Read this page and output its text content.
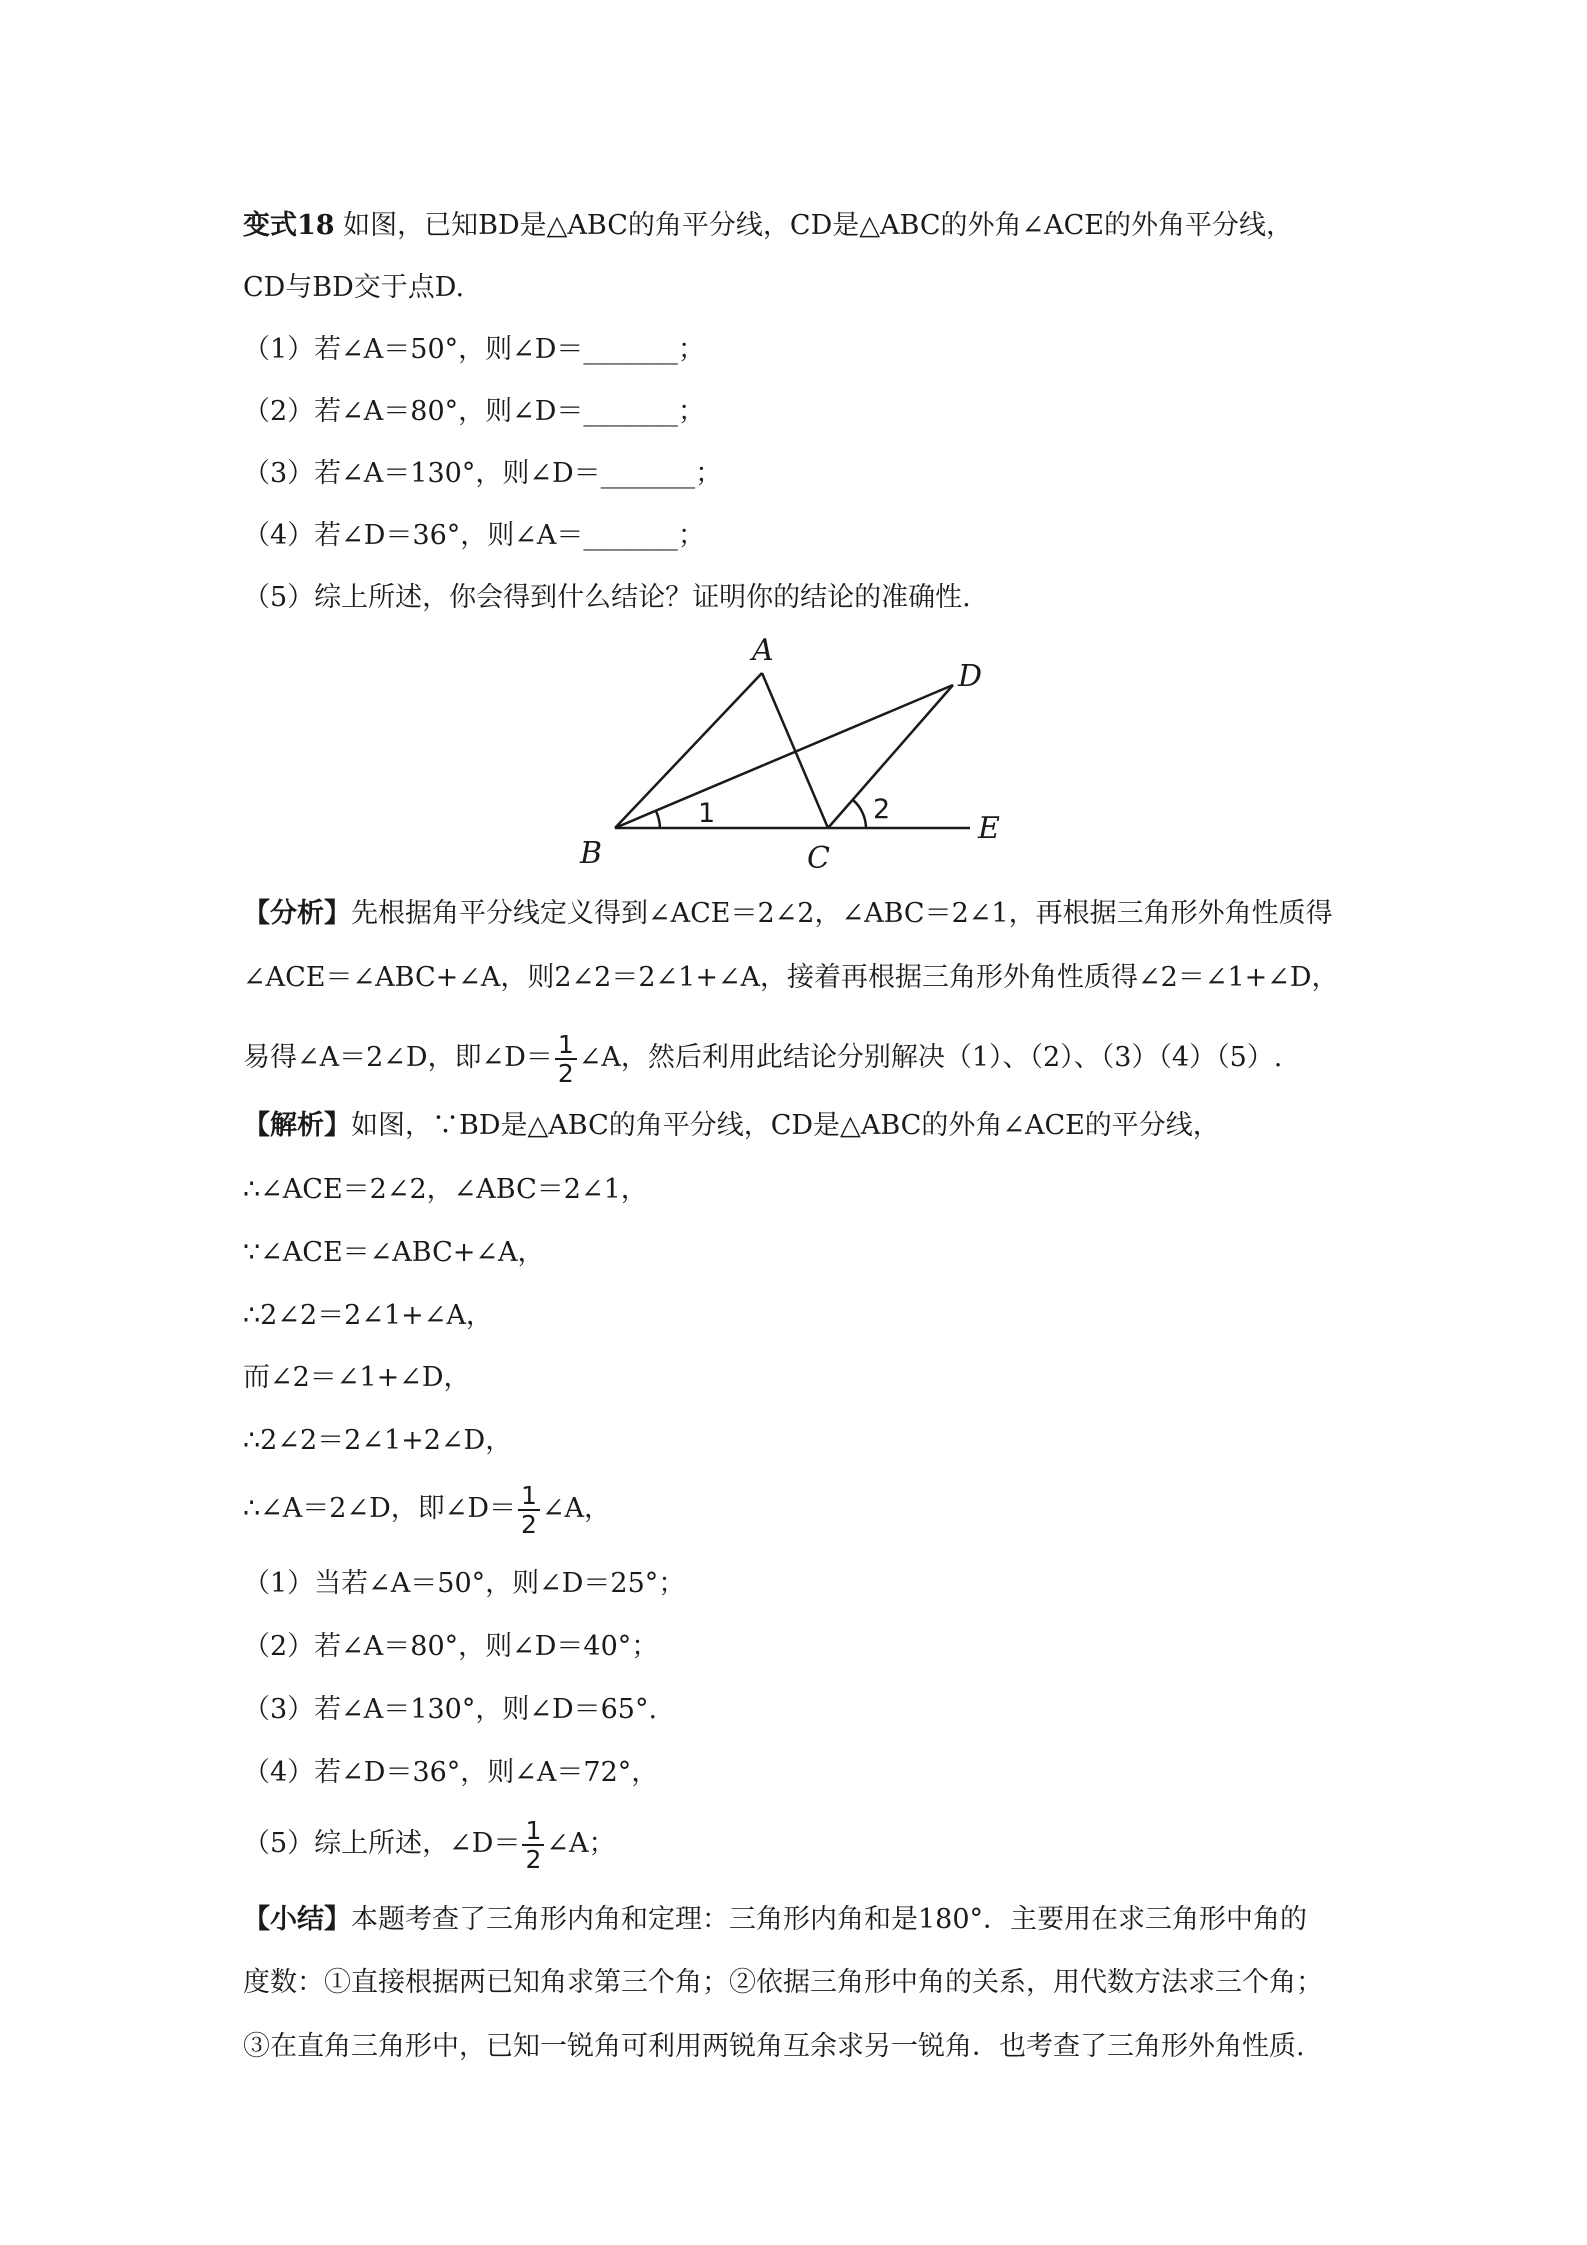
变式18 如图，已知BD是△ABC的角平分线，CD是△ABC的外角∠ACE的外角平分线，
CD与BD交于点D.
（1）若∠A＝50°，则∠D＝_______；
（2）若∠A＝80°，则∠D＝_______；
（3）若∠A＝130°，则∠D＝_______；
（4）若∠D＝36°，则∠A＝_______；
（5）综上所述，你会得到什么结论？证明你的结论的准确性.
A
D
B	C
E
1	2
【分析】先根据角平分线定义得到∠ACE＝2∠2，∠ABC＝2∠1，再根据三角形外角性质得
∠ACE＝∠ABC+∠A，则2∠2＝2∠1+∠A，接着再根据三角形外角性质得∠2＝∠1+∠D，
易得∠A＝2∠D，即∠D＝ $\frac{1}{2}$ ∠A，然后利用此结论分别解决（1）、（2）、（3）（4）（5）.
【解析】如图，∵BD是△ABC的角平分线，CD是△ABC的外角∠ACE的平分线，
∴∠ACE＝2∠2，∠ABC＝2∠1，
∵∠ACE＝∠ABC+∠A，
∴2∠2＝2∠1+∠A，
而∠2＝∠1+∠D，
∴2∠2＝2∠1+2∠D，
∴∠A＝2∠D，即∠D＝ $\frac{1}{2}$ ∠A，
（1）当若∠A＝50°，则∠D＝25°；
（2）若∠A＝80°，则∠D＝40°；
（3）若∠A＝130°，则∠D＝65°.
（4）若∠D＝36°，则∠A＝72°，
（5）综上所述，∠D＝ $\frac{1}{2}$ ∠A；
【小结】本题考查了三角形内角和定理：三角形内角和是180°．主要用在求三角形中角的
度数：①直接根据两已知角求第三个角；②依据三角形中角的关系，用代数方法求三个角；
③在直角三角形中，已知一锐角可利用两锐角互余求另一锐角．也考查了三角形外角性质.
